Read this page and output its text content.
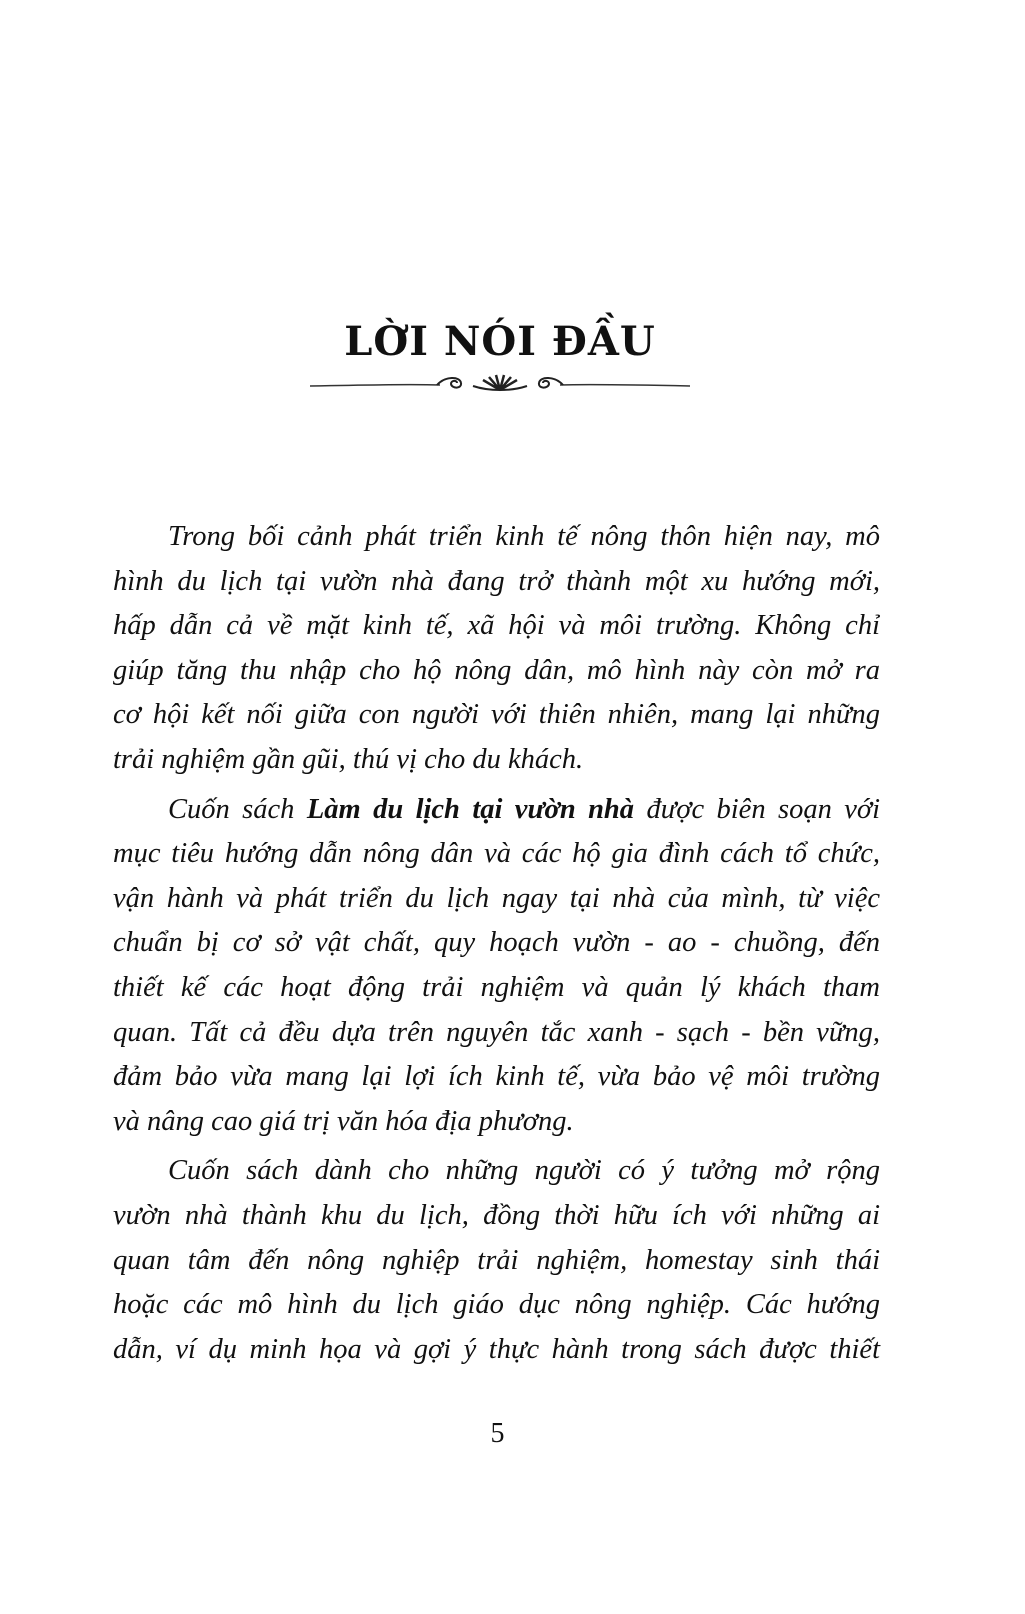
LỜI NÓI ĐẦU
Trong bối cảnh phát triển kinh tế nông thôn hiện nay, mô
hình du lịch tại vườn nhà đang trở thành một xu hướng mới,
hấp dẫn cả về mặt kinh tế, xã hội và môi trường. Không chỉ
giúp tăng thu nhập cho hộ nông dân, mô hình này còn mở ra
cơ hội kết nối giữa con người với thiên nhiên, mang lại những
trải nghiệm gần gũi, thú vị cho du khách.
Cuốn sách Làm du lịch tại vườn nhà được biên soạn với
mục tiêu hướng dẫn nông dân và các hộ gia đình cách tổ chức,
vận hành và phát triển du lịch ngay tại nhà của mình, từ việc
chuẩn bị cơ sở vật chất, quy hoạch vườn - ao - chuồng, đến
thiết kế các hoạt động trải nghiệm và quản lý khách tham
quan. Tất cả đều dựa trên nguyên tắc xanh - sạch - bền vững,
đảm bảo vừa mang lại lợi ích kinh tế, vừa bảo vệ môi trường
và nâng cao giá trị văn hóa địa phương.
Cuốn sách dành cho những người có ý tưởng mở rộng
vườn nhà thành khu du lịch, đồng thời hữu ích với những ai
quan tâm đến nông nghiệp trải nghiệm, homestay sinh thái
hoặc các mô hình du lịch giáo dục nông nghiệp. Các hướng
dẫn, ví dụ minh họa và gợi ý thực hành trong sách được thiết
5
